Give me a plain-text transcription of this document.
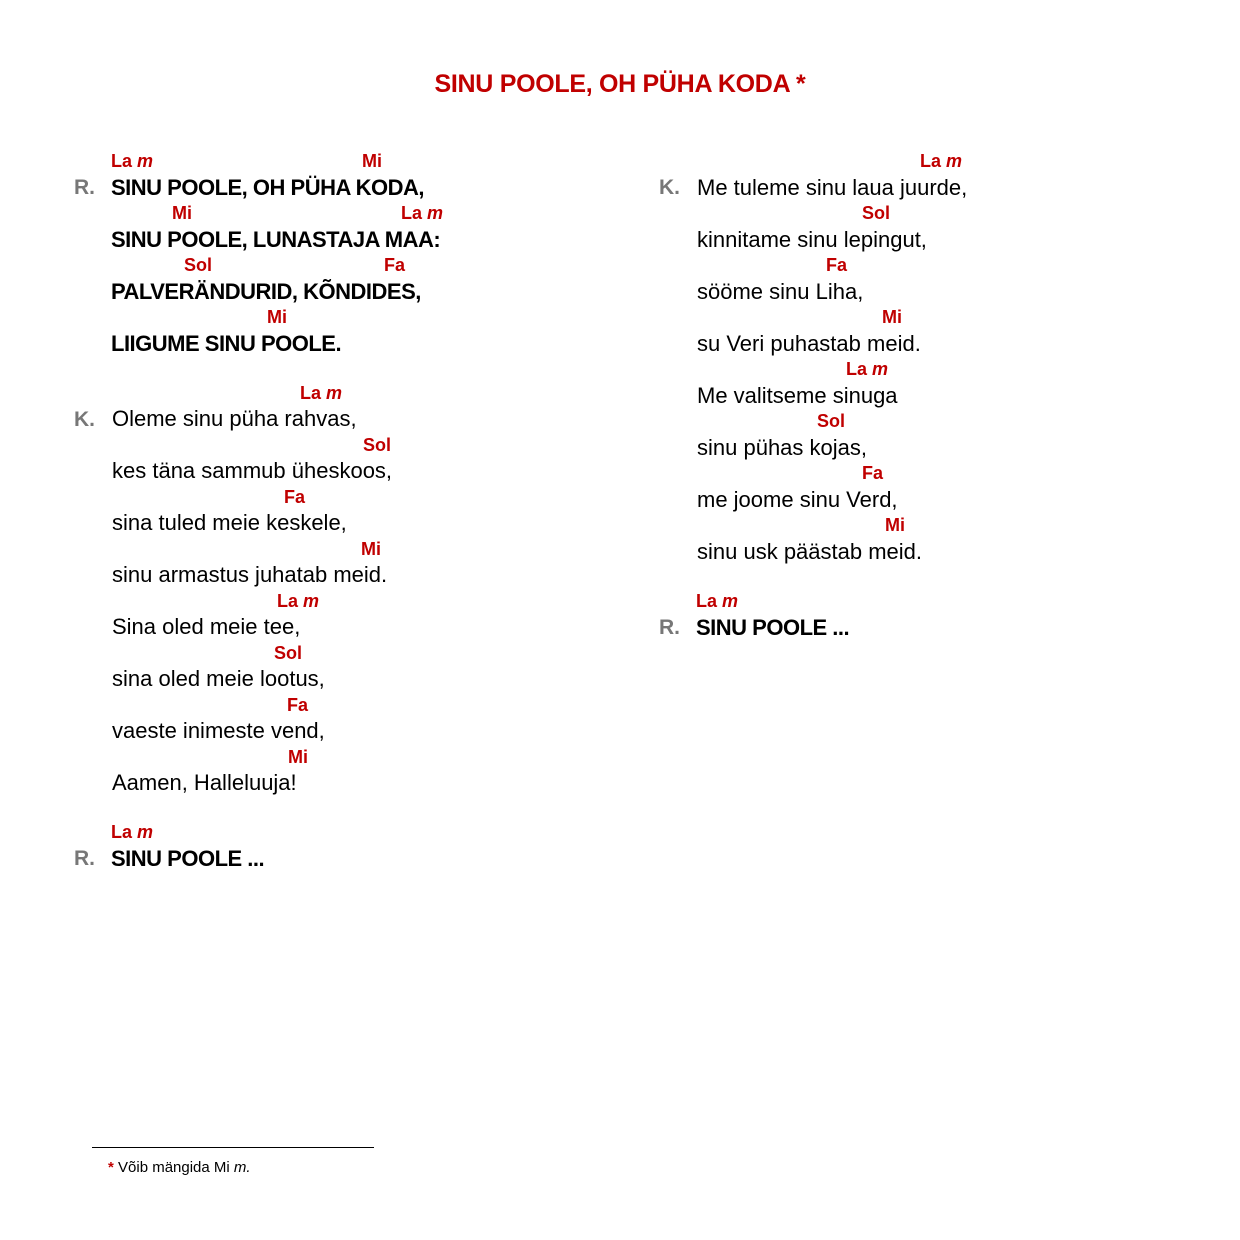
SINU POOLE, OH PÜHA KODA *
La m	Mi
R. SINU POOLE, OH PÜHA KODA,
Mi	La m
SINU POOLE, LUNASTAJA MAA:
Sol	Fa
PALVERÄNDURID, KÕNDIDES,
Mi
LIIGUME SINU POOLE.
La m
K. Oleme sinu püha rahvas,
Sol
kes täna sammub üheskoos,
Fa
sina tuled meie keskele,
Mi
sinu armastus juhatab meid.
La m
Sina oled meie tee,
Sol
sina oled meie lootus,
Fa
vaeste inimeste vend,
Mi
Aamen, Halleluuja!
La m
R. SINU POOLE ...
La m
K. Me tuleme sinu laua juurde,
Sol
kinnitame sinu lepingut,
Fa
sööme sinu Liha,
Mi
su Veri puhastab meid.
La m
Me valitseme sinuga
Sol
sinu pühas kojas,
Fa
me joome sinu Verd,
Mi
sinu usk päästab meid.
La m
R. SINU POOLE ...
* Võib mängida Mi m.
